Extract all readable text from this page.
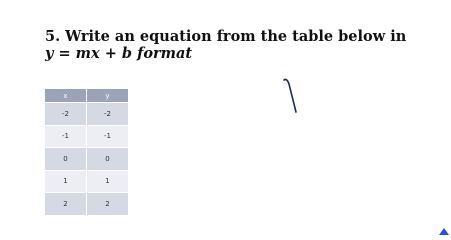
5. Write an equation from the table below in
y = mx + b format
x	y
-2	-2
-1	-1
0	0
1	1
2	2
